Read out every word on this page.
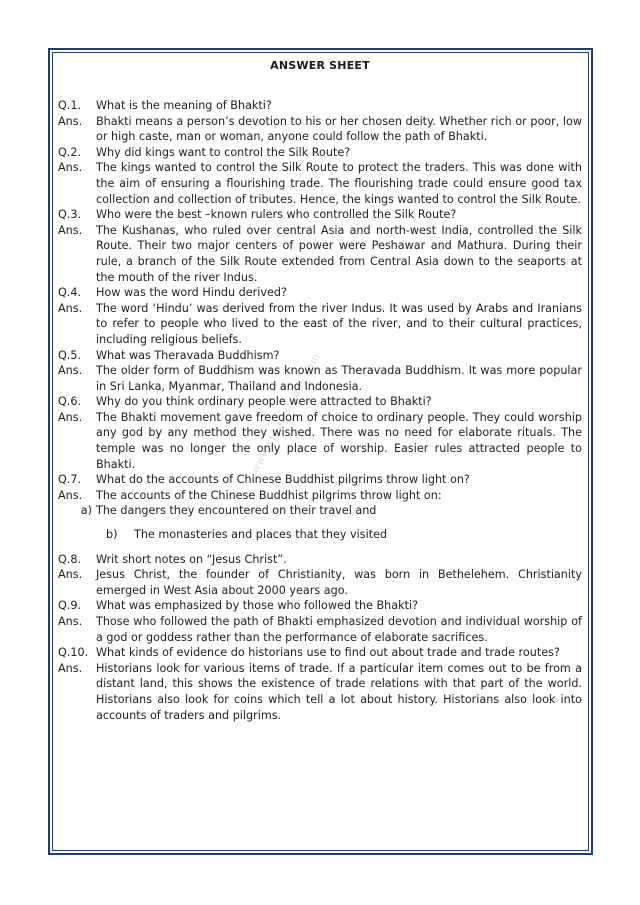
ANSWER SHEET
www.studiestoday.com
Q.1.	What is the meaning of Bhakti?
Ans.	Bhakti means a person’s devotion to his or her chosen deity. Whether rich or poor, low or high caste, man or woman, anyone could follow the path of Bhakti.
Q.2.	Why did kings want to control the Silk Route?
Ans.	The kings wanted to control the Silk Route to protect the traders. This was done with the aim of ensuring a flourishing trade. The flourishing trade could ensure good tax collection and collection of tributes. Hence, the kings wanted to control the Silk Route.
Q.3.	Who were the best –known rulers who controlled the Silk Route?
Ans.	The Kushanas, who ruled over central Asia and north-west India, controlled the Silk Route. Their two major centers of power were Peshawar and Mathura. During their rule, a branch of the Silk Route extended from Central Asia down to the seaports at the mouth of the river Indus.
Q.4.	How was the word Hindu derived?
Ans.	The word ‘Hindu’ was derived from the river Indus. It was used by Arabs and Iranians to refer to people who lived to the east of the river, and to their cultural practices, including religious beliefs.
Q.5.	What was Theravada Buddhism?
Ans.	The older form of Buddhism was known as Theravada Buddhism. It was more popular in Sri Lanka, Myanmar, Thailand and Indonesia.
Q.6.	Why do you think ordinary people were attracted to Bhakti?
Ans.	The Bhakti movement gave freedom of choice to ordinary people. They could worship any god by any method they wished. There was no need for elaborate rituals. The temple was no longer the only place of worship. Easier rules attracted people to Bhakti.
Q.7.	What do the accounts of Chinese Buddhist pilgrims throw light on?
Ans.	The accounts of the Chinese Buddhist pilgrims throw light on:
a) The dangers they encountered on their travel and
b)	The monasteries and places that they visited
Q.8.	Writ short notes on “Jesus Christ”.
Ans.	Jesus Christ, the founder of Christianity, was born in Bethelehem. Christianity emerged in West Asia about 2000 years ago.
Q.9.	What was emphasized by those who followed the Bhakti?
Ans.	Those who followed the path of Bhakti emphasized devotion and individual worship of a god or goddess rather than the performance of elaborate sacrifices.
Q.10. What kinds of evidence do historians use to find out about trade and trade routes?
Ans.	Historians look for various items of trade. If a particular item comes out to be from a distant land, this shows the existence of trade relations with that part of the world. Historians also look for coins which tell a lot about history. Historians also look into accounts of traders and pilgrims.
